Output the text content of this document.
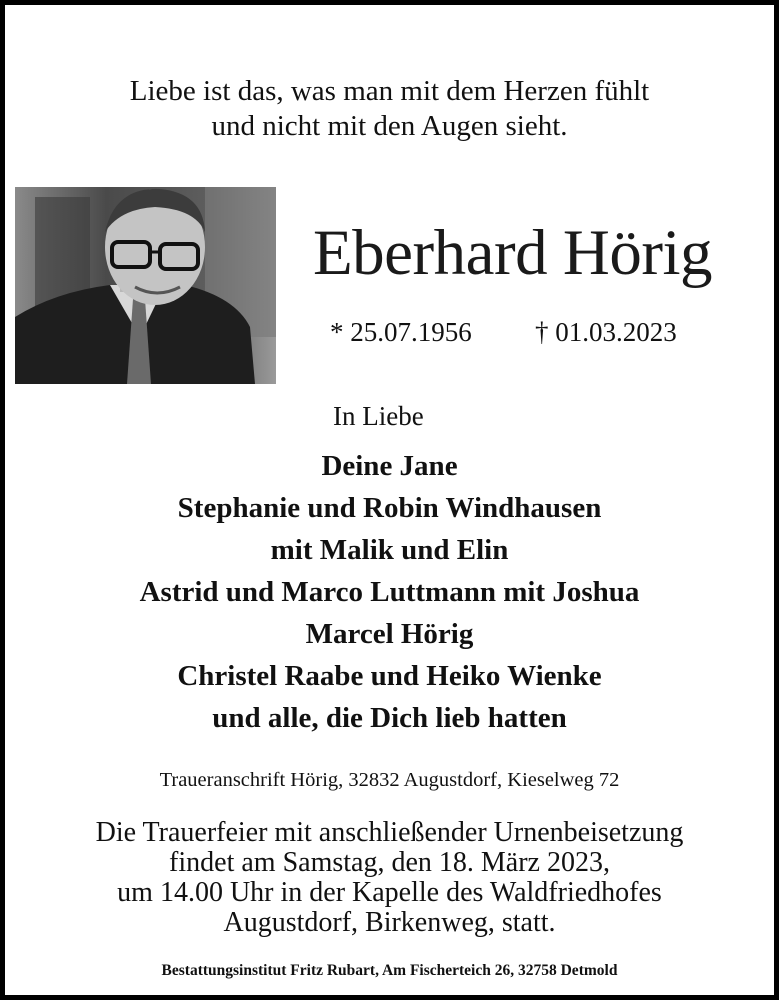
Liebe ist das, was man mit dem Herzen fühlt
und nicht mit den Augen sieht.
Eberhard Hörig
* 25.07.1956 † 01.03.2023
In Liebe
Deine Jane
Stephanie und Robin Windhausen
mit Malik und Elin
Astrid und Marco Luttmann mit Joshua
Marcel Hörig
Christel Raabe und Heiko Wienke
und alle, die Dich lieb hatten
Traueranschrift Hörig, 32832 Augustdorf, Kieselweg 72
Die Trauerfeier mit anschließender Urnenbeisetzung
findet am Samstag, den 18. März 2023,
um 14.00 Uhr in der Kapelle des Waldfriedhofes
Augustdorf, Birkenweg, statt.
Bestattungsinstitut Fritz Rubart, Am Fischerteich 26, 32758 Detmold
